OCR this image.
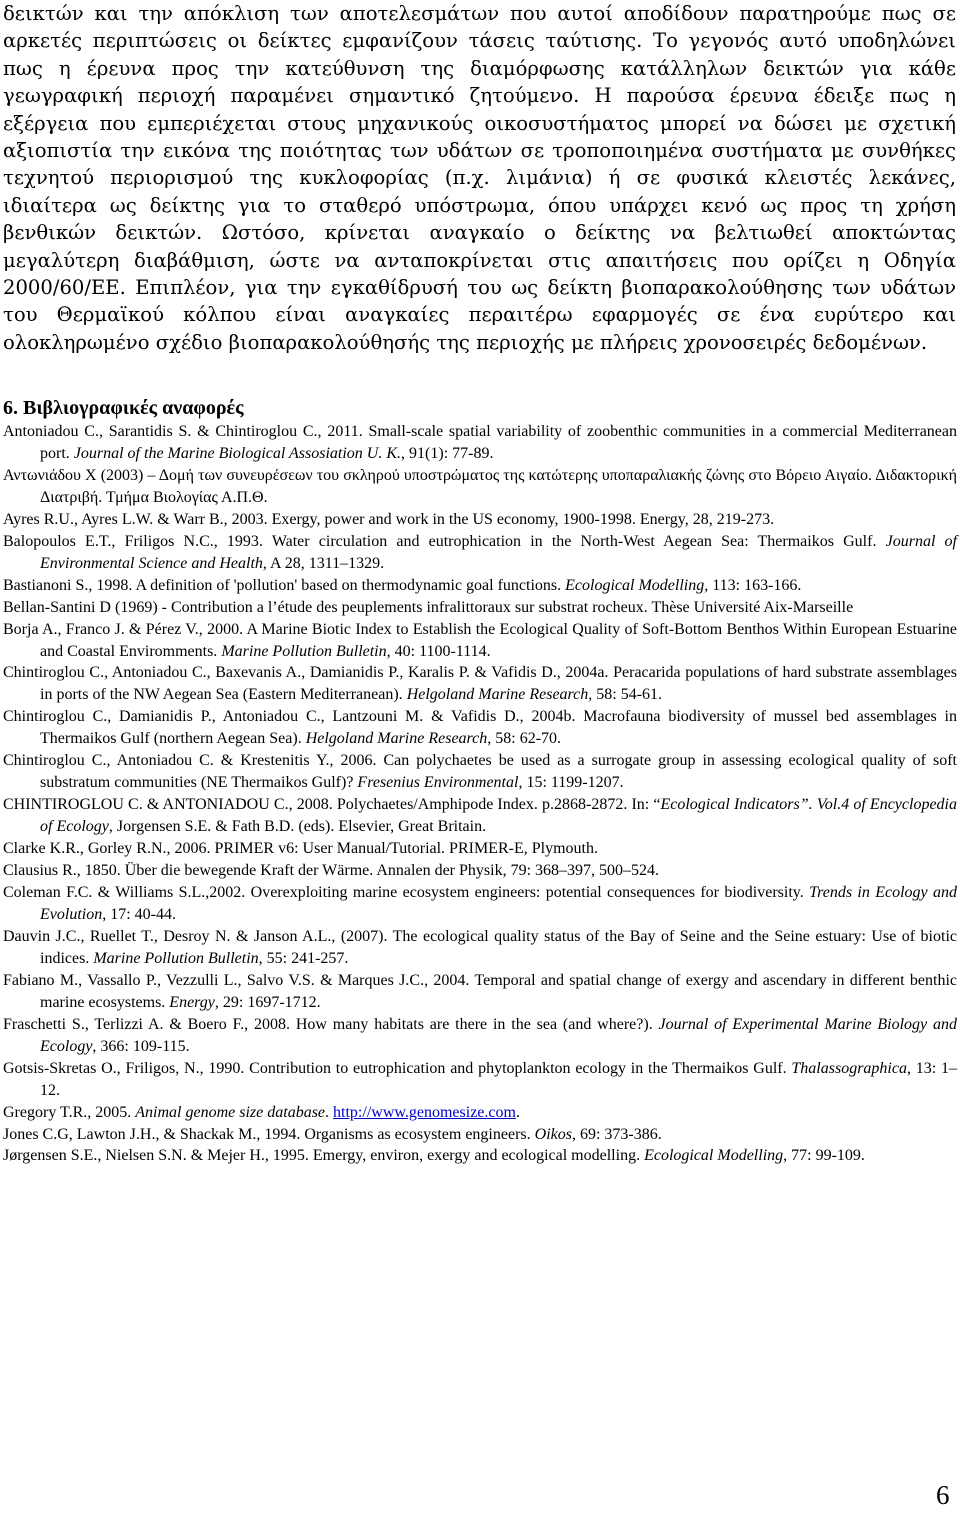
δεικτών και την απόκλιση των αποτελεσμάτων που αυτοί αποδίδουν παρατηρούμε πως σε αρκετές περιπτώσεις οι δείκτες εμφανίζουν τάσεις ταύτισης. Το γεγονός αυτό υποδηλώνει πως η έρευνα προς την κατεύθυνση της διαμόρφωσης κατάλληλων δεικτών για κάθε γεωγραφική περιοχή παραμένει σημαντικό ζητούμενο. Η παρούσα έρευνα έδειξε πως η εξέργεια που εμπεριέχεται στους μηχανικούς οικοσυστήματος μπορεί να δώσει με σχετική αξιοπιστία την εικόνα της ποιότητας των υδάτων σε τροποποιημένα συστήματα με συνθήκες τεχνητού περιορισμού της κυκλοφορίας (π.χ. λιμάνια) ή σε φυσικά κλειστές λεκάνες, ιδιαίτερα ως δείκτης για το σταθερό υπόστρωμα, όπου υπάρχει κενό ως προς τη χρήση βενθικών δεικτών. Ωστόσο, κρίνεται αναγκαίο ο δείκτης να βελτιωθεί αποκτώντας μεγαλύτερη διαβάθμιση, ώστε να ανταποκρίνεται στις απαιτήσεις που ορίζει η Οδηγία 2000/60/ΕΕ. Επιπλέον, για την εγκαθίδρυσή του ως δείκτη βιοπαρακολούθησης των υδάτων του Θερμαϊκού κόλπου είναι αναγκαίες περαιτέρω εφαρμογές σε ένα ευρύτερο και ολοκληρωμένο σχέδιο βιοπαρακολούθησής της περιοχής με πλήρεις χρονοσειρές δεδομένων.

6. Βιβλιογραφικές αναφορές
Antoniadou C., Sarantidis S. & Chintiroglou C., 2011. Small-scale spatial variability of zoobenthic communities in a commercial Mediterranean port. Journal of the Marine Biological Assosiation U. K., 91(1): 77-89.
Αντωνιάδου Χ (2003) – Δομή των συνευρέσεων του σκληρού υποστρώματος της κατώτερης υποπαραλιακής ζώνης στο Βόρειο Αιγαίο. Διδακτορική Διατριβή. Τμήμα Βιολογίας Α.Π.Θ.
Ayres R.U., Ayres L.W. & Warr B., 2003. Exergy, power and work in the US economy, 1900-1998. Energy, 28, 219-273.
Balopoulos E.T., Friligos N.C., 1993. Water circulation and eutrophication in the North-West Aegean Sea: Thermaikos Gulf. Journal of Environmental Science and Health, A 28, 1311–1329.
Bastianoni S., 1998. A definition of 'pollution' based on thermodynamic goal functions. Ecological Modelling, 113: 163-166.
Bellan-Santini D (1969) - Contribution a l’étude des peuplements infralittoraux sur substrat rocheux. Thèse Université Aix-Marseille
Borja A., Franco J. & Pérez V., 2000. A Marine Biotic Index to Establish the Ecological Quality of Soft-Bottom Benthos Within European Estuarine and Coastal Enviromments. Marine Pollution Bulletin, 40: 1100-1114.
Chintiroglou C., Antoniadou C., Baxevanis A., Damianidis P., Karalis P. & Vafidis D., 2004a. Peracarida populations of hard substrate assemblages in ports of the NW Aegean Sea (Eastern Mediterranean). Helgoland Marine Research, 58: 54-61.
Chintiroglou C., Damianidis P., Antoniadou C., Lantzouni M. & Vafidis D., 2004b. Macrofauna biodiversity of mussel bed assemblages in Thermaikos Gulf (northern Aegean Sea). Helgoland Marine Research, 58: 62-70.
Chintiroglou C., Antoniadou C. & Krestenitis Y., 2006. Can polychaetes be used as a surrogate group in assessing ecological quality of soft substratum communities (NE Thermaikos Gulf)? Fresenius Environmental, 15: 1199-1207.
CHINTIROGLOU C. & ANTONIADOU C., 2008. Polychaetes/Amphipode Index. p.2868-2872. In: “Ecological Indicators”. Vol.4 of Encyclopedia of Ecology, Jorgensen S.E. & Fath B.D. (eds). Elsevier, Great Britain.
Clarke K.R., Gorley R.N., 2006. PRIMER v6: User Manual/Tutorial. PRIMER-E, Plymouth.
Clausius R., 1850. Über die bewegende Kraft der Wärme. Annalen der Physik, 79: 368–397, 500–524.
Coleman F.C. & Williams S.L.,2002. Overexploiting marine ecosystem engineers: potential consequences for biodiversity. Trends in Ecology and Evolution, 17: 40-44.
Dauvin J.C., Ruellet T., Desroy N. & Janson A.L., (2007). The ecological quality status of the Bay of Seine and the Seine estuary: Use of biotic indices. Marine Pollution Bulletin, 55: 241-257.
Fabiano M., Vassallo P., Vezzulli L., Salvo V.S. & Marques J.C., 2004. Temporal and spatial change of exergy and ascendary in different benthic marine ecosystems. Energy, 29: 1697-1712.
Fraschetti S., Terlizzi A. & Boero F., 2008. How many habitats are there in the sea (and where?). Journal of Experimental Marine Biology and Ecology, 366: 109-115.
Gotsis-Skretas O., Friligos, N., 1990. Contribution to eutrophication and phytoplankton ecology in the Thermaikos Gulf. Thalassographica, 13: 1–12.
Gregory T.R., 2005. Animal genome size database. http://www.genomesize.com.
Jones C.G, Lawton J.H., & Shackak M., 1994. Organisms as ecosystem engineers. Oikos, 69: 373-386.
Jørgensen S.E., Nielsen S.N. & Mejer H., 1995. Emergy, environ, exergy and ecological modelling. Ecological Modelling, 77: 99-109.

6
